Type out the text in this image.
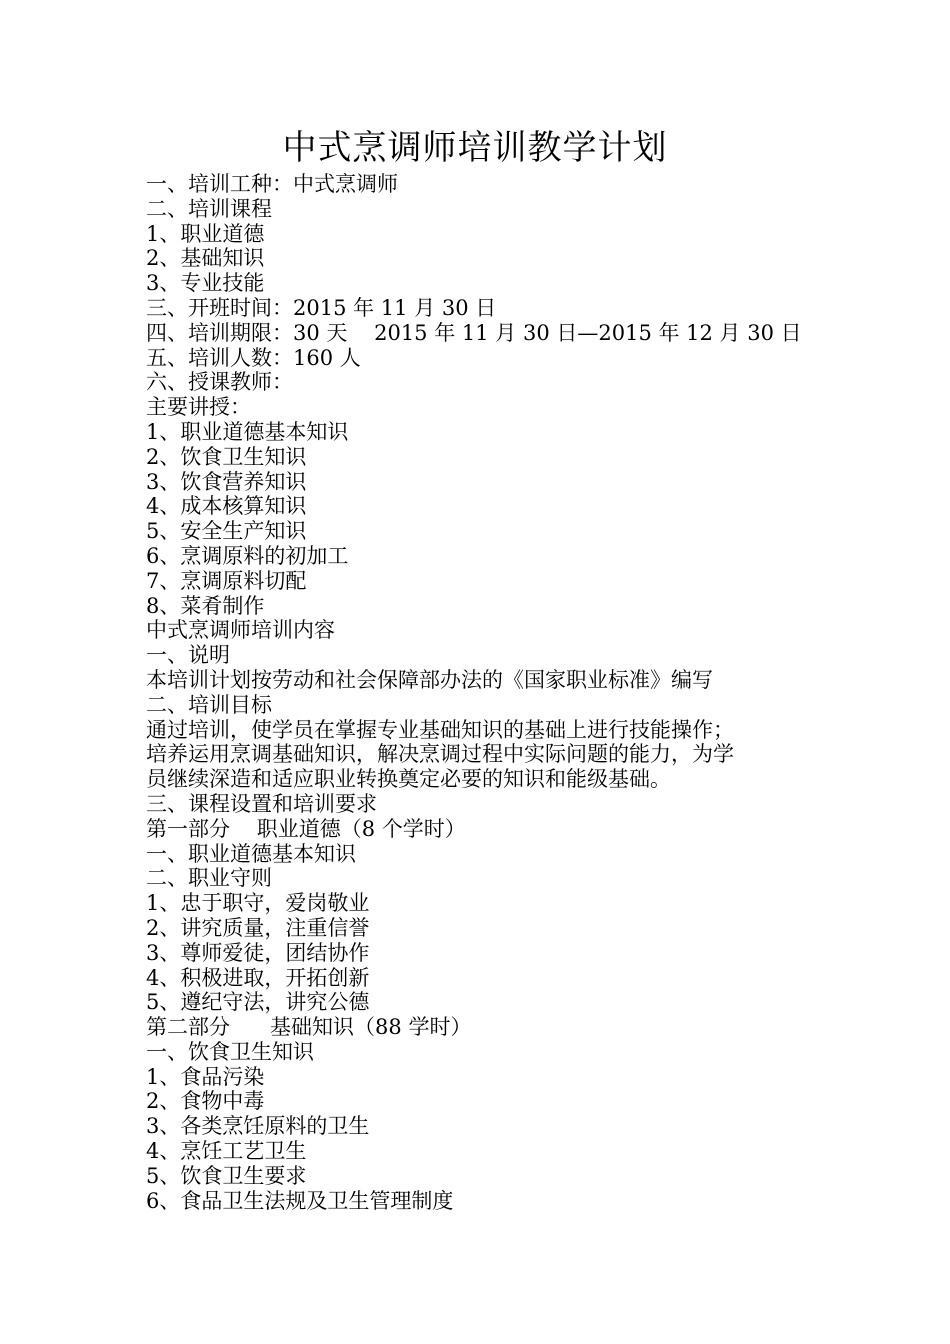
中式烹调师培训教学计划
一、培训工种：中式烹调师
二、培训课程
1、职业道德
2、基础知识
3、专业技能
三、开班时间：2015 年 11 月 30 日
四、培训期限：30 天    2015 年 11 月 30 日—2015 年 12 月 30 日
五、培训人数：160 人
六、授课教师：
主要讲授：
1、职业道德基本知识
2、饮食卫生知识
3、饮食营养知识
4、成本核算知识
5、安全生产知识
6、烹调原料的初加工
7、烹调原料切配
8、菜肴制作
中式烹调师培训内容
一、说明
本培训计划按劳动和社会保障部办法的《国家职业标准》编写
二、培训目标
通过培训，使学员在掌握专业基础知识的基础上进行技能操作；
培养运用烹调基础知识，解决烹调过程中实际问题的能力，为学
员继续深造和适应职业转换奠定必要的知识和能级基础。
三、课程设置和培训要求
第一部分    职业道德（8 个学时）
一、职业道德基本知识
二、职业守则
1、忠于职守，爱岗敬业
2、讲究质量，注重信誉
3、尊师爱徒，团结协作
4、积极进取，开拓创新
5、遵纪守法，讲究公德
第二部分      基础知识（88 学时）
一、饮食卫生知识
1、食品污染
2、食物中毒
3、各类烹饪原料的卫生
4、烹饪工艺卫生
5、饮食卫生要求
6、食品卫生法规及卫生管理制度
